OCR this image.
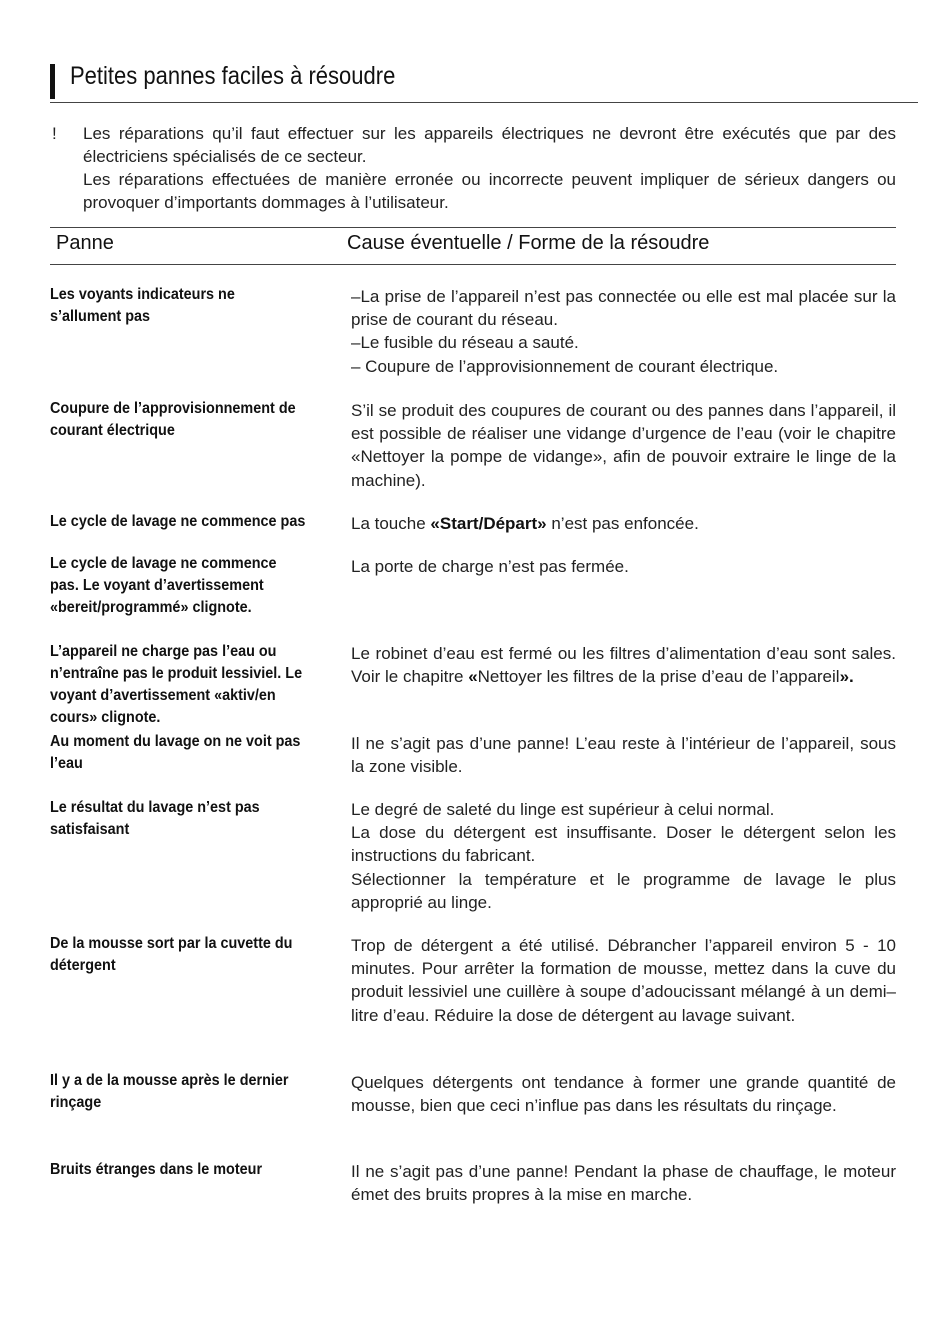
Petites pannes faciles à résoudre
! Les réparations qu’il faut effectuer sur les appareils électriques ne devront être exécutés que par des électriciens spécialisés de ce secteur.

Les réparations effectuées de manière erronée ou incorrecte peuvent impliquer de sérieux dangers ou provoquer d’importants dommages à l’utilisateur.

Panne	Cause éventuelle / Forme de la résoudre
Les voyants indicateurs ne s’allument pas
Coupure de l’approvisionnement de courant électrique
Le cycle de lavage ne commence pas
Le cycle de lavage ne commence pas. Le voyant d’avertissement «bereit/programmé» clignote.
L’appareil ne charge pas l’eau ou n’entraîne pas le produit lessiviel. Le voyant d’avertissement «aktiv/en cours» clignote.
Au moment du lavage on ne voit pas l’eau
Le résultat du lavage n’est pas satisfaisant
De la mousse sort par la cuvette du détergent
Il y a de la mousse après le dernier rinçage
Bruits étranges dans le moteur

–La prise de l’appareil n’est pas connectée ou elle est mal placée sur la prise de courant du réseau.

–Le fusible du réseau a sauté.

– Coupure de l’approvisionnement de courant électrique.

S’il se produit des coupures de courant ou des pannes dans l’appareil, il est possible de réaliser une vidange d’urgence de l’eau (voir le chapitre «Nettoyer la pompe de vidange», afin de pouvoir extraire le linge de la machine).
La touche «Start/Départ» n’est pas enfoncée.
La porte de charge n’est pas fermée.
Le robinet d’eau est fermé ou les filtres d’alimentation d’eau sont sales. Voir le chapitre «Nettoyer les filtres de la prise d’eau de l’appareil».
Il ne s’agit pas d’une panne! L’eau reste à l’intérieur de l’appareil, sous la zone visible.

Le degré de saleté du linge est supérieur à celui normal.

La dose du détergent est insuffisante. Doser le détergent selon les instructions du fabricant.

Sélectionner la température et le programme de lavage le plus approprié au linge.

Trop de détergent a été utilisé. Débrancher l’appareil environ 5 - 10 minutes. Pour arrêter la formation de mousse, mettez dans la cuve du produit lessiviel une cuillère à soupe d’adoucissant mélangé à un demi–litre d’eau. Réduire la dose de détergent au lavage suivant.
Quelques détergents ont tendance à former une grande quantité de mousse, bien que ceci n’influe pas dans les résultats du rinçage.
Il ne s’agit pas d’une panne! Pendant la phase de chauffage, le moteur émet des bruits propres à la mise en marche.
